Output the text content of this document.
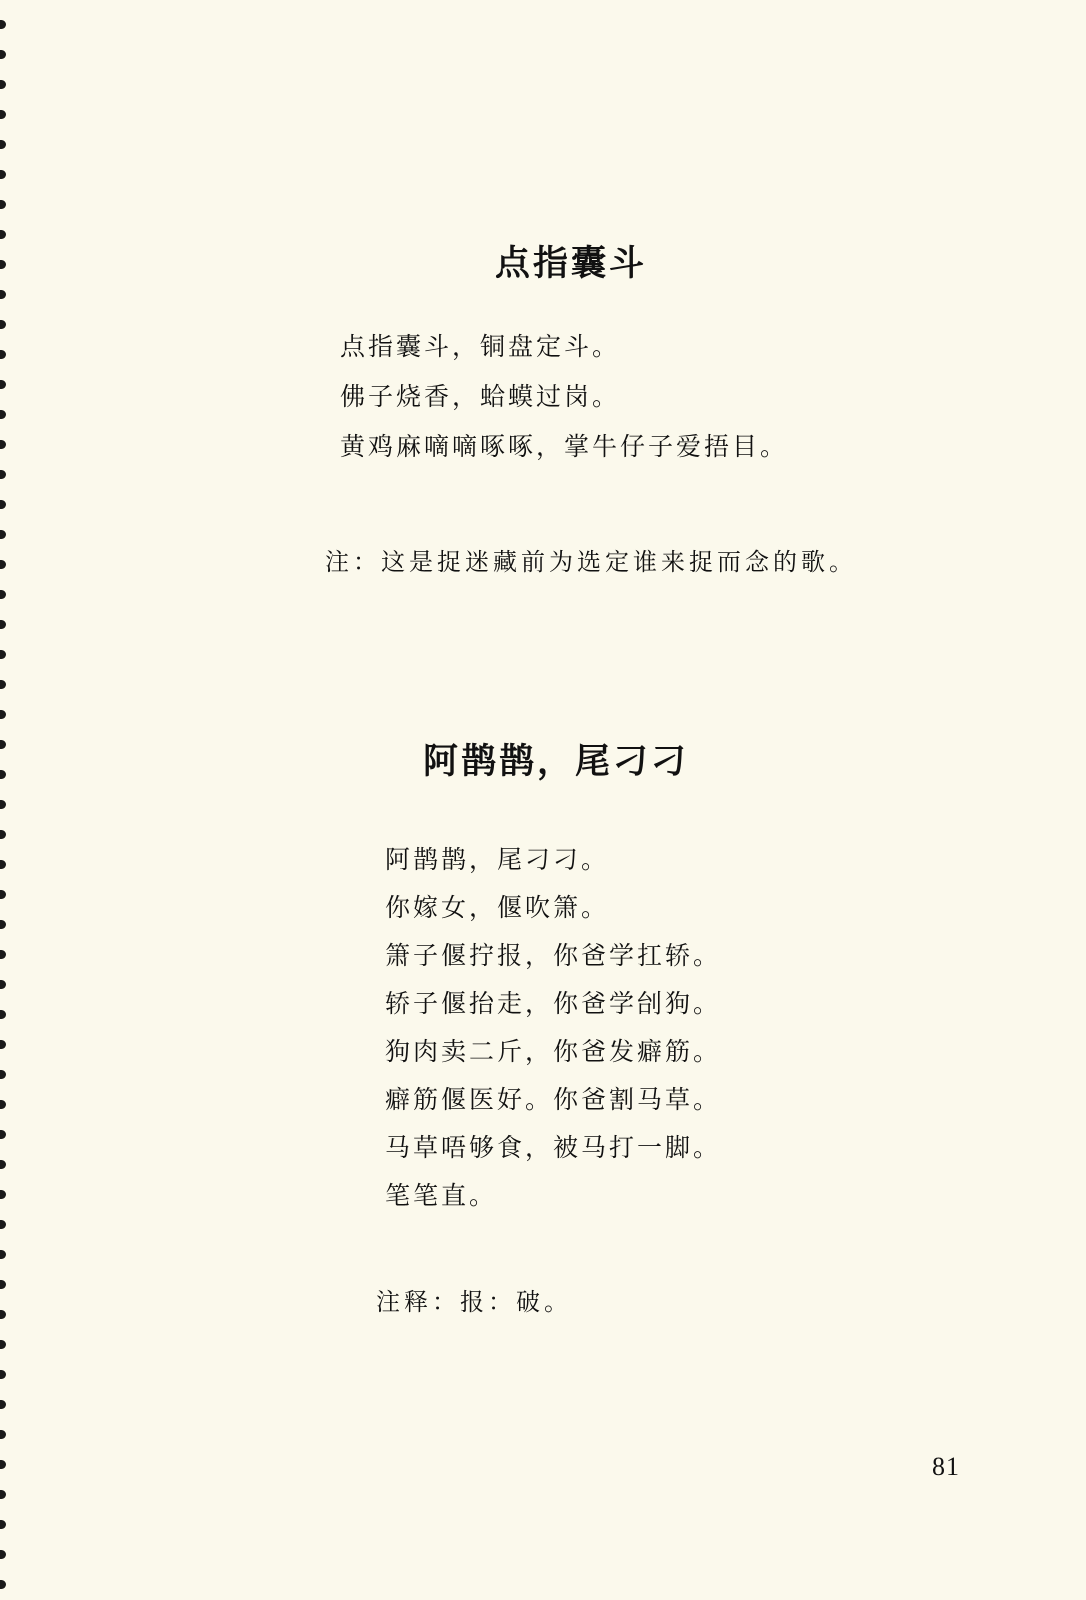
点指囊斗
点指囊斗，铜盘定斗。
佛子烧香，蛤蟆过岗。
黄鸡麻嘀嘀啄啄，掌牛仔子爱捂目。

注：这是捉迷藏前为选定谁来捉而念的歌。

阿鹊鹊，尾刁刁
阿鹊鹊，尾刁刁。
你嫁女，偃吹箫。
箫子偃拧报，你爸学扛轿。
轿子偃抬走，你爸学刣狗。
狗肉卖二斤，你爸发癖筋。
癖筋偃医好。你爸割马草。
马草唔够食，被马打一脚。
笔笔直。

注释：报：破。

81
